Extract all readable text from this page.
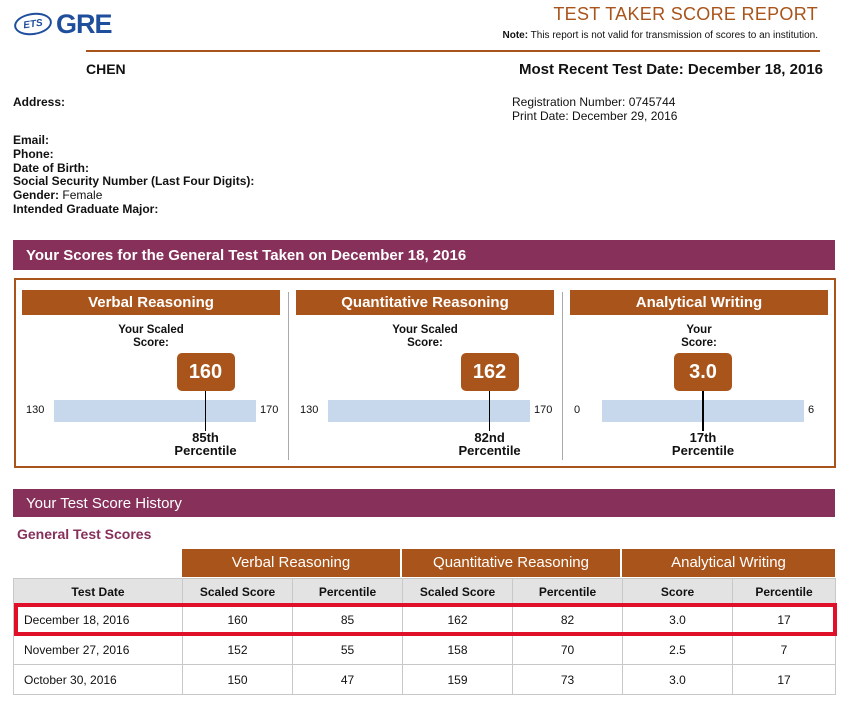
ETS GRE	TEST TAKER SCORE REPORT
Note: This report is not valid for transmission of scores to an institution.
CHEN	Most Recent Test Date: December 18, 2016
Address:	Registration Number: 0745744
Print Date: December 29, 2016
Email:
Phone:
Date of Birth:
Social Security Number (Last Four Digits):
Gender: Female
Intended Graduate Major:
Your Scores for the General Test Taken on December 18, 2016
Verbal Reasoning
Your Scaled
Score:
160
130	170
85th
Percentile
Quantitative Reasoning
Your Scaled
Score:
162
130	170
82nd
Percentile
Analytical Writing
Your
Score:
3.0
0	6
17th
Percentile
Your Test Score History
General Test Scores
Verbal Reasoning	Quantitative Reasoning	Analytical Writing
Test Date	Scaled Score	Percentile	Scaled Score	Percentile	Score	Percentile
December 18, 2016	160	85	162	82	3.0	17
November 27, 2016	152	55	158	70	2.5	7
October 30, 2016	150	47	159	73	3.0	17
